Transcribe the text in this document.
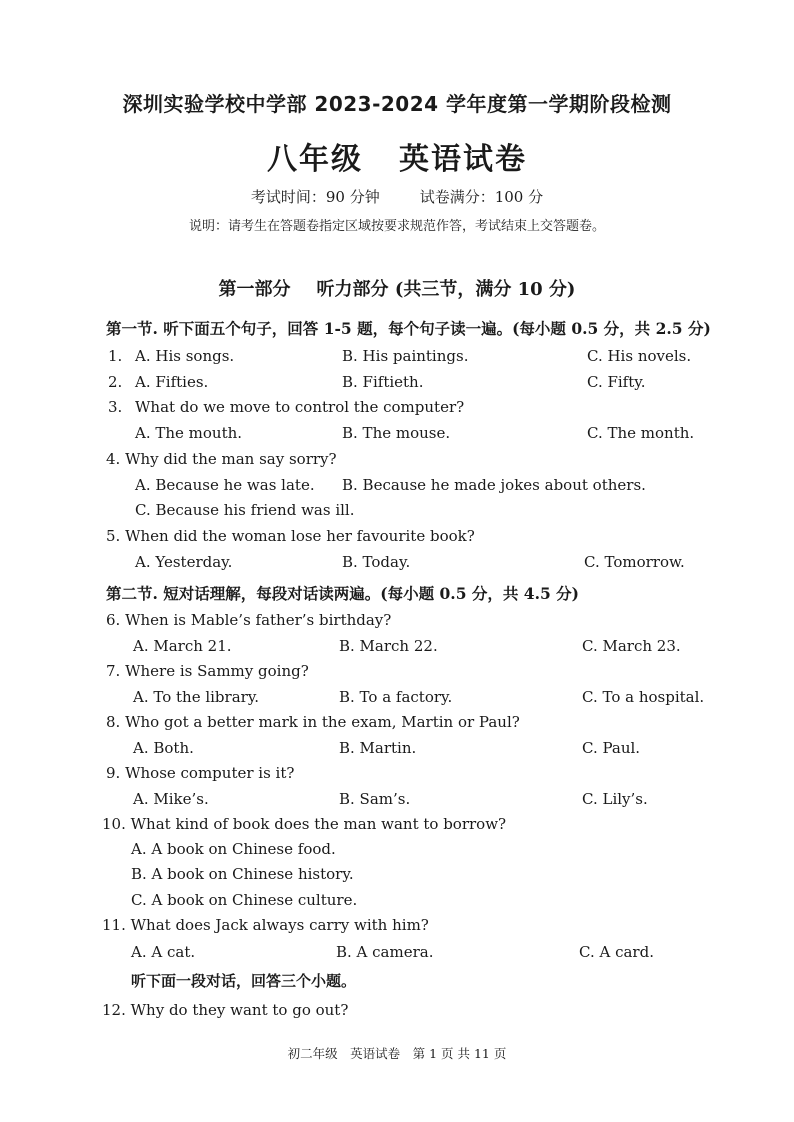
深圳实验学校中学部 2023-2024 学年度第一学期阶段检测
八年级 英语试卷
考试时间：90 分钟	试卷满分：100 分
说明：请考生在答题卷指定区域按要求规范作答，考试结束上交答题卷。
第一部分 听力部分 (共三节，满分 10 分)
第一节. 听下面五个句子，回答 1-5 题，每个句子读一遍。(每小题 0.5 分，共 2.5 分)
1. A. His songs.	B. His paintings.	C. His novels.
2. A. Fifties.	B. Fiftieth.	C. Fifty.
3. What do we move to control the computer?
A. The mouth.	B. The mouse.	C. The month.
4. Why did the man say sorry?
A. Because he was late. B. Because he made jokes about others.
C. Because his friend was ill.
5. When did the woman lose her favourite book?
A. Yesterday.	B. Today.	C. Tomorrow.
第二节. 短对话理解，每段对话读两遍。(每小题 0.5 分，共 4.5 分)
6. When is Mable’s father’s birthday?
A. March 21.	B. March 22.	C. March 23.
7. Where is Sammy going?
A. To the library.	B. To a factory.	C. To a hospital.
8. Who got a better mark in the exam, Martin or Paul?
A. Both.	B. Martin.	C. Paul.
9. Whose computer is it?
A. Mike’s.	B. Sam’s.	C. Lily’s.
10. What kind of book does the man want to borrow?
A. A book on Chinese food.
B. A book on Chinese history.
C. A book on Chinese culture.
11. What does Jack always carry with him?
A. A cat.	B. A camera.	C. A card.
听下面一段对话，回答三个小题。
12. Why do they want to go out?
初二年级　英语试卷　第 1 页 共 11 页
